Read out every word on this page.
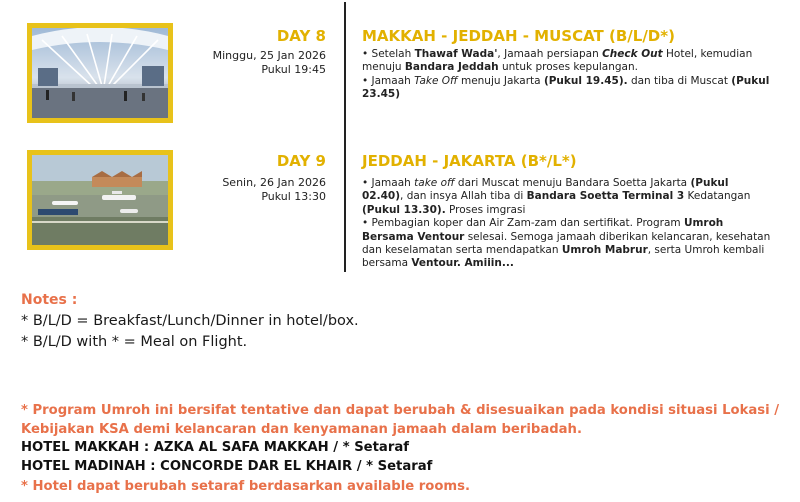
DAY 8
Minggu, 25 Jan 2026
Pukul 19:45
MAKKAH - JEDDAH - MUSCAT (B/L/D*)

• Setelah Thawaf Wada', Jamaah persiapan Check Out Hotel, kemudian menuju Bandara Jeddah untuk proses kepulangan.

• Jamaah Take Off menuju Jakarta (Pukul 19.45). dan tiba di Muscat (Pukul 23.45)

DAY 9
Senin, 26 Jan 2026
Pukul 13:30
JEDDAH - JAKARTA (B*/L*)

• Jamaah take off dari Muscat menuju Bandara Soetta Jakarta (Pukul 02.40), dan insya Allah tiba di Bandara Soetta Terminal 3 Kedatangan (Pukul 13.30). Proses imgrasi

• Pembagian koper dan Air Zam-zam dan sertifikat. Program Umroh Bersama Ventour selesai. Semoga jamaah diberikan kelancaran, kesehatan dan keselamatan serta mendapatkan Umroh Mabrur, serta Umroh kembali bersama Ventour. Amiiin...

Notes :
* B/L/D = Breakfast/Lunch/Dinner in hotel/box.
* B/L/D with * = Meal on Flight.
* Program Umroh ini bersifat tentative dan dapat berubah & disesuaikan pada kondisi situasi Lokasi / Kebijakan KSA demi kelancaran dan kenyamanan jamaah dalam beribadah.
HOTEL MAKKAH : AZKA AL SAFA MAKKAH / * Setaraf
HOTEL MADINAH : CONCORDE DAR EL KHAIR / * Setaraf
* Hotel dapat berubah setaraf berdasarkan available rooms.
